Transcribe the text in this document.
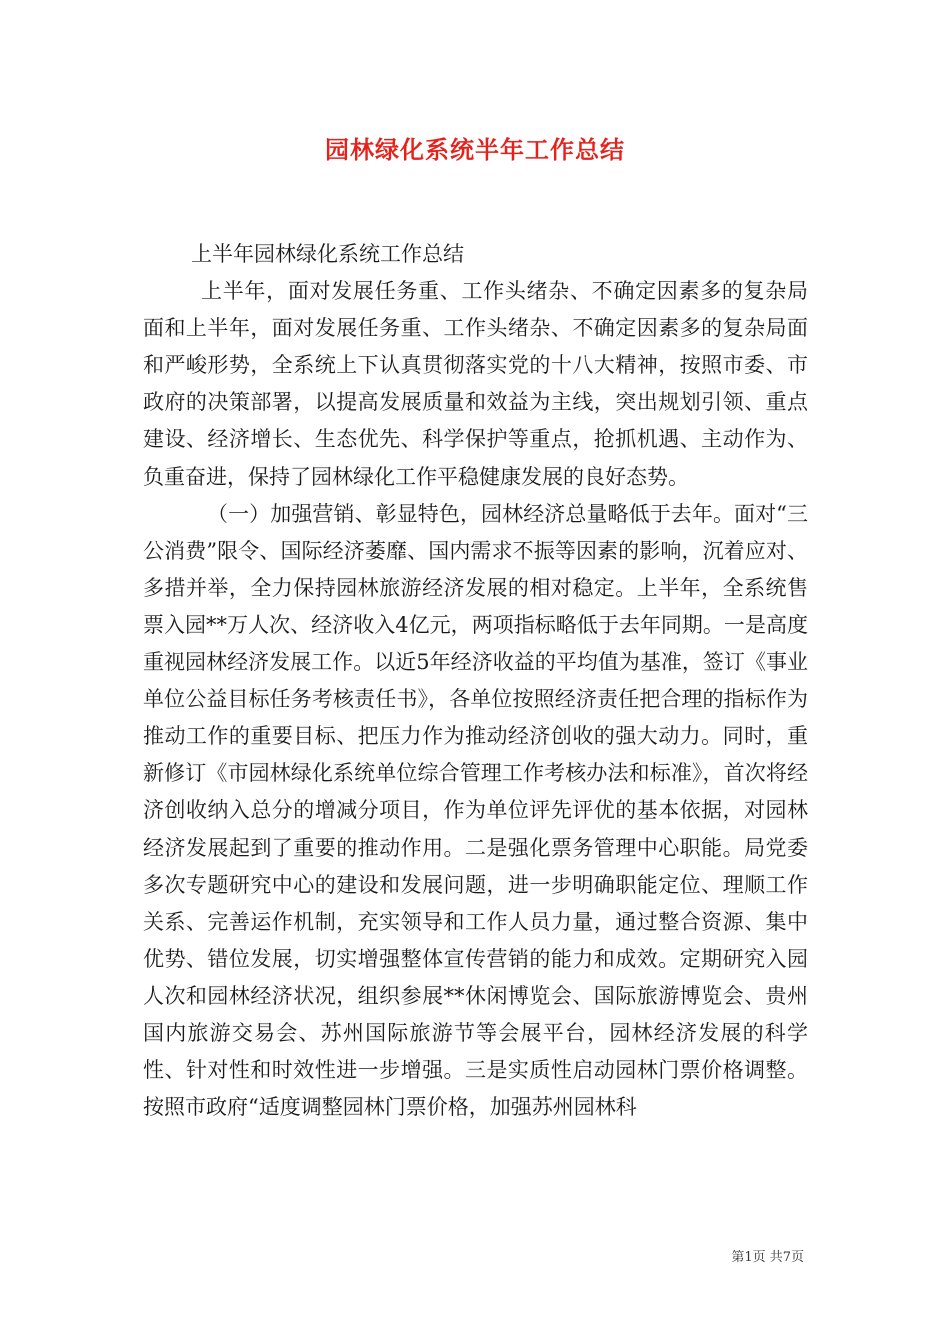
园林绿化系统半年工作总结

上半年园林绿化系统工作总结

上半年，面对发展任务重、工作头绪杂、不确定因素多的复杂局面和上半年，面对发展任务重、工作头绪杂、不确定因素多的复杂局面和严峻形势，全系统上下认真贯彻落实党的十八大精神，按照市委、市政府的决策部署，以提高发展质量和效益为主线，突出规划引领、重点建设、经济增长、生态优先、科学保护等重点，抢抓机遇、主动作为、负重奋进，保持了园林绿化工作平稳健康发展的良好态势。

（一）加强营销、彰显特色，园林经济总量略低于去年。面对“三公消费”限令、国际经济萎靡、国内需求不振等因素的影响，沉着应对、多措并举，全力保持园林旅游经济发展的相对稳定。上半年，全系统售票入园**万人次、经济收入4亿元，两项指标略低于去年同期。一是高度重视园林经济发展工作。以近5年经济收益的平均值为基准，签订《事业单位公益目标任务考核责任书》，各单位按照经济责任把合理的指标作为推动工作的重要目标、把压力作为推动经济创收的强大动力。同时，重新修订《市园林绿化系统单位综合管理工作考核办法和标准》，首次将经济创收纳入总分的增减分项目，作为单位评先评优的基本依据，对园林经济发展起到了重要的推动作用。二是强化票务管理中心职能。局党委多次专题研究中心的建设和发展问题，进一步明确职能定位、理顺工作关系、完善运作机制，充实领导和工作人员力量，通过整合资源、集中优势、错位发展，切实增强整体宣传营销的能力和成效。定期研究入园人次和园林经济状况，组织参展**休闲博览会、国际旅游博览会、贵州国内旅游交易会、苏州国际旅游节等会展平台，园林经济发展的科学性、针对性和时效性进一步增强。三是实质性启动园林门票价格调整。按照市政府“适度调整园林门票价格，加强苏州园林科

第1页 共7页
